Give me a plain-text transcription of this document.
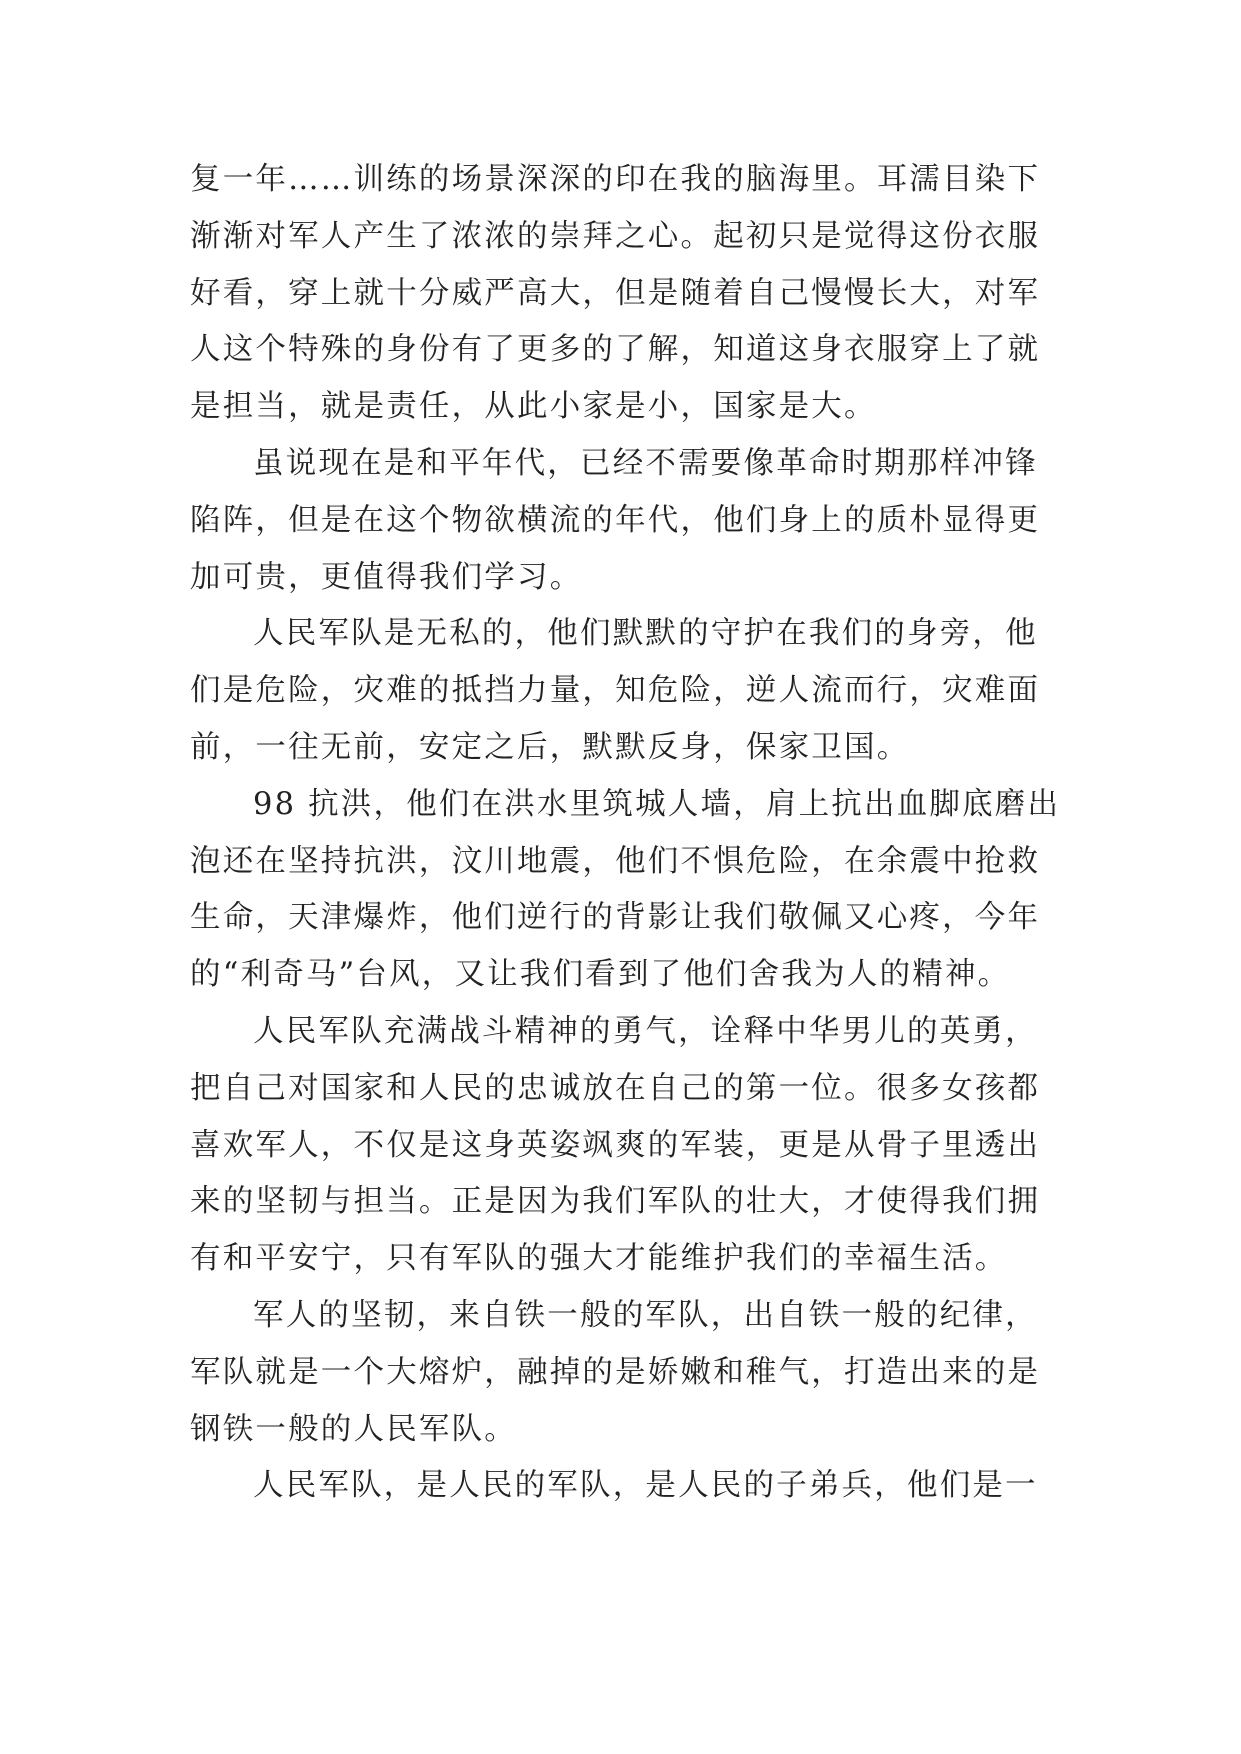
复一年……训练的场景深深的印在我的脑海里。耳濡目染下
渐渐对军人产生了浓浓的崇拜之心。起初只是觉得这份衣服
好看，穿上就十分威严高大，但是随着自己慢慢长大，对军
人这个特殊的身份有了更多的了解，知道这身衣服穿上了就
是担当，就是责任，从此小家是小，国家是大。
虽说现在是和平年代，已经不需要像革命时期那样冲锋
陷阵，但是在这个物欲横流的年代，他们身上的质朴显得更
加可贵，更值得我们学习。
人民军队是无私的，他们默默的守护在我们的身旁，他
们是危险，灾难的抵挡力量，知危险，逆人流而行，灾难面
前，一往无前，安定之后，默默反身，保家卫国。
98 抗洪，他们在洪水里筑城人墙，肩上抗出血脚底磨出
泡还在坚持抗洪，汶川地震，他们不惧危险，在余震中抢救
生命，天津爆炸，他们逆行的背影让我们敬佩又心疼，今年
的“利奇马”台风，又让我们看到了他们舍我为人的精神。
人民军队充满战斗精神的勇气，诠释中华男儿的英勇，
把自己对国家和人民的忠诚放在自己的第一位。很多女孩都
喜欢军人，不仅是这身英姿飒爽的军装，更是从骨子里透出
来的坚韧与担当。正是因为我们军队的壮大，才使得我们拥
有和平安宁，只有军队的强大才能维护我们的幸福生活。
军人的坚韧，来自铁一般的军队，出自铁一般的纪律，
军队就是一个大熔炉，融掉的是娇嫩和稚气，打造出来的是
钢铁一般的人民军队。
人民军队，是人民的军队，是人民的子弟兵，他们是一
